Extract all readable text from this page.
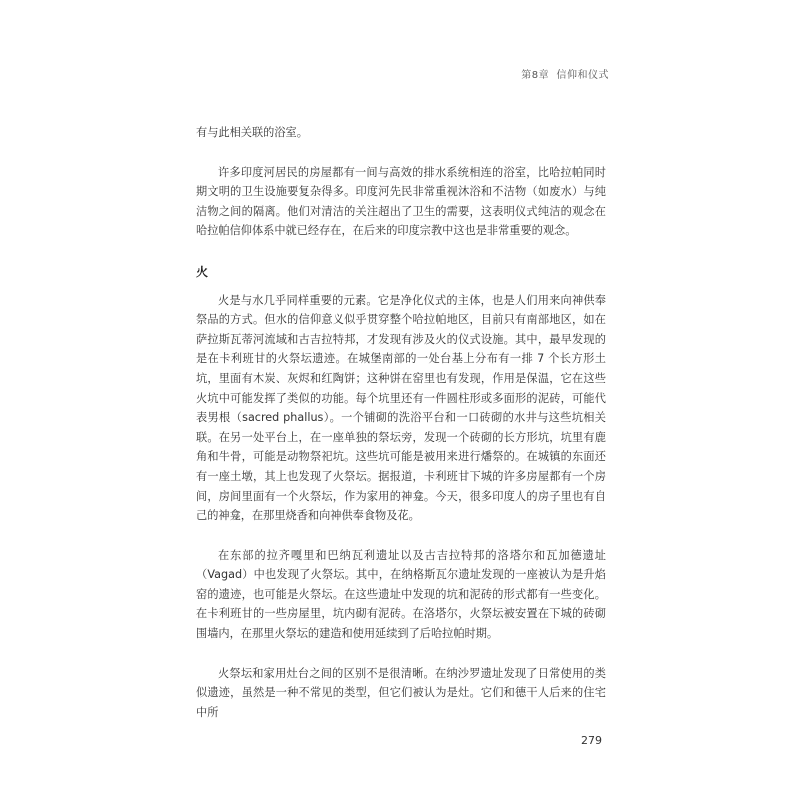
第8章 信仰和仪式

有与此相关联的浴室。

许多印度河居民的房屋都有一间与高效的排水系统相连的浴室，比哈拉帕同时期文明的卫生设施要复杂得多。印度河先民非常重视沐浴和不洁物（如废水）与纯洁物之间的隔离。他们对清洁的关注超出了卫生的需要，这表明仪式纯洁的观念在哈拉帕信仰体系中就已经存在，在后来的印度宗教中这也是非常重要的观念。

火

火是与水几乎同样重要的元素。它是净化仪式的主体，也是人们用来向神供奉祭品的方式。但水的信仰意义似乎贯穿整个哈拉帕地区，目前只有南部地区，如在萨拉斯瓦蒂河流域和古吉拉特邦，才发现有涉及火的仪式设施。其中，最早发现的是在卡利班甘的火祭坛遗迹。在城堡南部的一处台基上分布有一排 7 个长方形土坑，里面有木炭、灰烬和红陶饼；这种饼在窑里也有发现，作用是保温，它在这些火坑中可能发挥了类似的功能。每个坑里还有一件圆柱形或多面形的泥砖，可能代表男根（sacred phallus）。一个铺砌的洗浴平台和一口砖砌的水井与这些坑相关联。在另一处平台上，在一座单独的祭坛旁，发现一个砖砌的长方形坑，坑里有鹿角和牛骨，可能是动物祭祀坑。这些坑可能是被用来进行燔祭的。在城镇的东面还有一座土墩，其上也发现了火祭坛。据报道，卡利班甘下城的许多房屋都有一个房间，房间里面有一个火祭坛，作为家用的神龛。今天，很多印度人的房子里也有自己的神龛，在那里烧香和向神供奉食物及花。

在东部的拉齐嘎里和巴纳瓦利遗址以及古吉拉特邦的洛塔尔和瓦加德遗址（Vagad）中也发现了火祭坛。其中，在纳格斯瓦尔遗址发现的一座被认为是升焰窑的遗迹，也可能是火祭坛。在这些遗址中发现的坑和泥砖的形式都有一些变化。在卡利班甘的一些房屋里，坑内砌有泥砖。在洛塔尔，火祭坛被安置在下城的砖砌围墙内，在那里火祭坛的建造和使用延续到了后哈拉帕时期。

火祭坛和家用灶台之间的区别不是很清晰。在纳沙罗遗址发现了日常使用的类似遗迹，虽然是一种不常见的类型，但它们被认为是灶。它们和德干人后来的住宅中所

279
